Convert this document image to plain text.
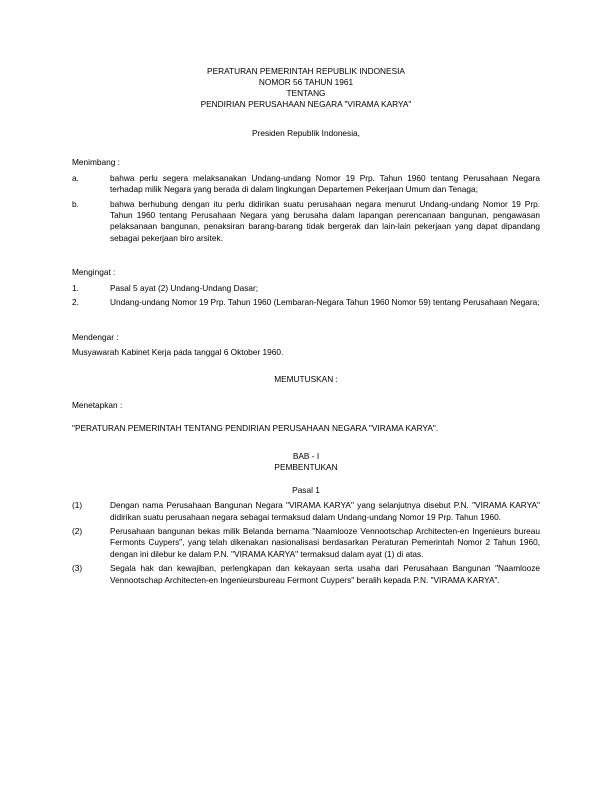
PERATURAN PEMERINTAH REPUBLIK INDONESIA
NOMOR 56 TAHUN 1961
TENTANG
PENDIRIAN PERUSAHAAN NEGARA "VIRAMA KARYA"
Presiden Republik Indonesia,
Menimbang :
a.	bahwa perlu segera melaksanakan Undang-undang Nomor 19 Prp. Tahun 1960 tentang Perusahaan Negara terhadap milik Negara yang berada di dalam lingkungan Departemen Pekerjaan Umum dan Tenaga;

b.	bahwa berhubung dengan itu perlu didirikan suatu perusahaan negara menurut Undang-undang Nomor 19 Prp. Tahun 1960 tentang Perusahaan Negara yang berusaha dalam lapangan perencanaan bangunan, pengawasan pelaksanaan bangunan, penaksiran barang-barang tidak bergerak dan lain-lain pekerjaan yang dapat dipandang sebagai pekerjaan biro arsitek.

Mengingat :
1.	Pasal 5 ayat (2) Undang-Undang Dasar;

2.	Undang-undang Nomor 19 Prp. Tahun 1960 (Lembaran-Negara Tahun 1960 Nomor 59) tentang Perusahaan Negara;

Mendengar :
Musyawarah Kabinet Kerja pada tanggal 6 Oktober 1960.
MEMUTUSKAN :
Menetapkan :
"PERATURAN PEMERINTAH TENTANG PENDIRIAN PERUSAHAAN NEGARA "VIRAMA KARYA".
BAB - I
PEMBENTUKAN
Pasal 1
(1)	Dengan nama Perusahaan Bangunan Negara "VIRAMA KARYA" yang selanjutnya disebut P.N. "VIRAMA KARYA" didirikan suatu perusahaan negara sebagai termaksud dalam Undang-undang Nomor 19 Prp. Tahun 1960.

(2)	Perusahaan bangunan bekas milik Belanda bernama "Naamlooze Vennootschap Architecten-en Ingenieurs bureau Fermonts Cuypers", yang telah dikenakan nasionalisasi berdasarkan Peraturan Pemerintah Nomor 2 Tahun 1960, dengan ini dilebur ke dalam P.N. "VIRAMA KARYA" termaksud dalam ayat (1) di atas.

(3)	Segala hak dan kewajiban, perlengkapan dan kekayaan serta usaha dari Perusahaan Bangunan "Naamlooze Vennootschap Architecten-en Ingenieursbureau Fermont Cuypers" beralih kepada P.N. "VIRAMA KARYA".
